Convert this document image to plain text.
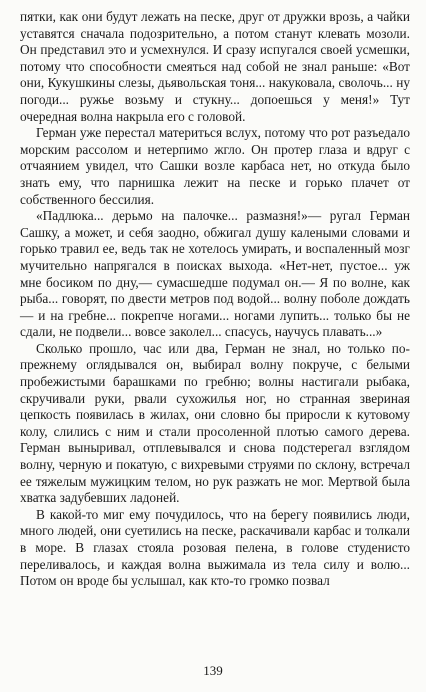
пятки, как они будут лежать на песке, друг от дружки врозь, а чайки уставятся сначала подозрительно, а потом станут клевать мозоли. Он представил это и усмехнулся. И сразу испугался своей усмешки, потому что способности смеяться над собой не знал раньше: «Вот они, Кукушкины слезы, дьявольская тоня... накуковала, сволочь... ну погоди... ружье возьму и стукну... допоешься у меня!» Тут очередная волна накрыла его с головой.

Герман уже перестал материться вслух, потому что рот разъедало морским рассолом и нетерпимо жгло. Он протер глаза и вдруг с отчаянием увидел, что Сашки возле карбаса нет, но откуда было знать ему, что парнишка лежит на песке и горько плачет от собственного бессилия.

«Падлюка... дерьмо на палочке... размазня!»— ругал Герман Сашку, а может, и себя заодно, обжигал душу калеными словами и горько травил ее, ведь так не хотелось умирать, и воспаленный мозг мучительно напрягался в поисках выхода. «Нет-нет, пустое... уж мне босиком по дну,— сумасшедше подумал он.— Я по волне, как рыба... говорят, по двести метров под водой... волну поболе дождать — и на гребне... покрепче ногами... ногами лупить... только бы не сдали, не подвели... вовсе заколел... спасусь, научусь плавать...»

Сколько прошло, час или два, Герман не знал, но только по-прежнему оглядывался он, выбирал волну покруче, с белыми пробежистыми барашками по гребню; волны настигали рыбака, скручивали руки, рвали сухожилья ног, но странная звериная цепкость появилась в жилах, они словно бы приросли к кутовому колу, слились с ним и стали просоленной плотью самого дерева. Герман выныривал, отплевывался и снова подстерегал взглядом волну, черную и покатую, с вихревыми струями по склону, встречал ее тяжелым мужицким телом, но рук разжать не мог. Мертвой была хватка задубевших ладоней.

В какой-то миг ему почудилось, что на берегу появились люди, много людей, они суетились на песке, раскачивали карбас и толкали в море. В глазах стояла розовая пелена, в голове студенисто переливалось, и каждая волна выжимала из тела силу и волю... Потом он вроде бы услышал, как кто-то громко позвал

139
